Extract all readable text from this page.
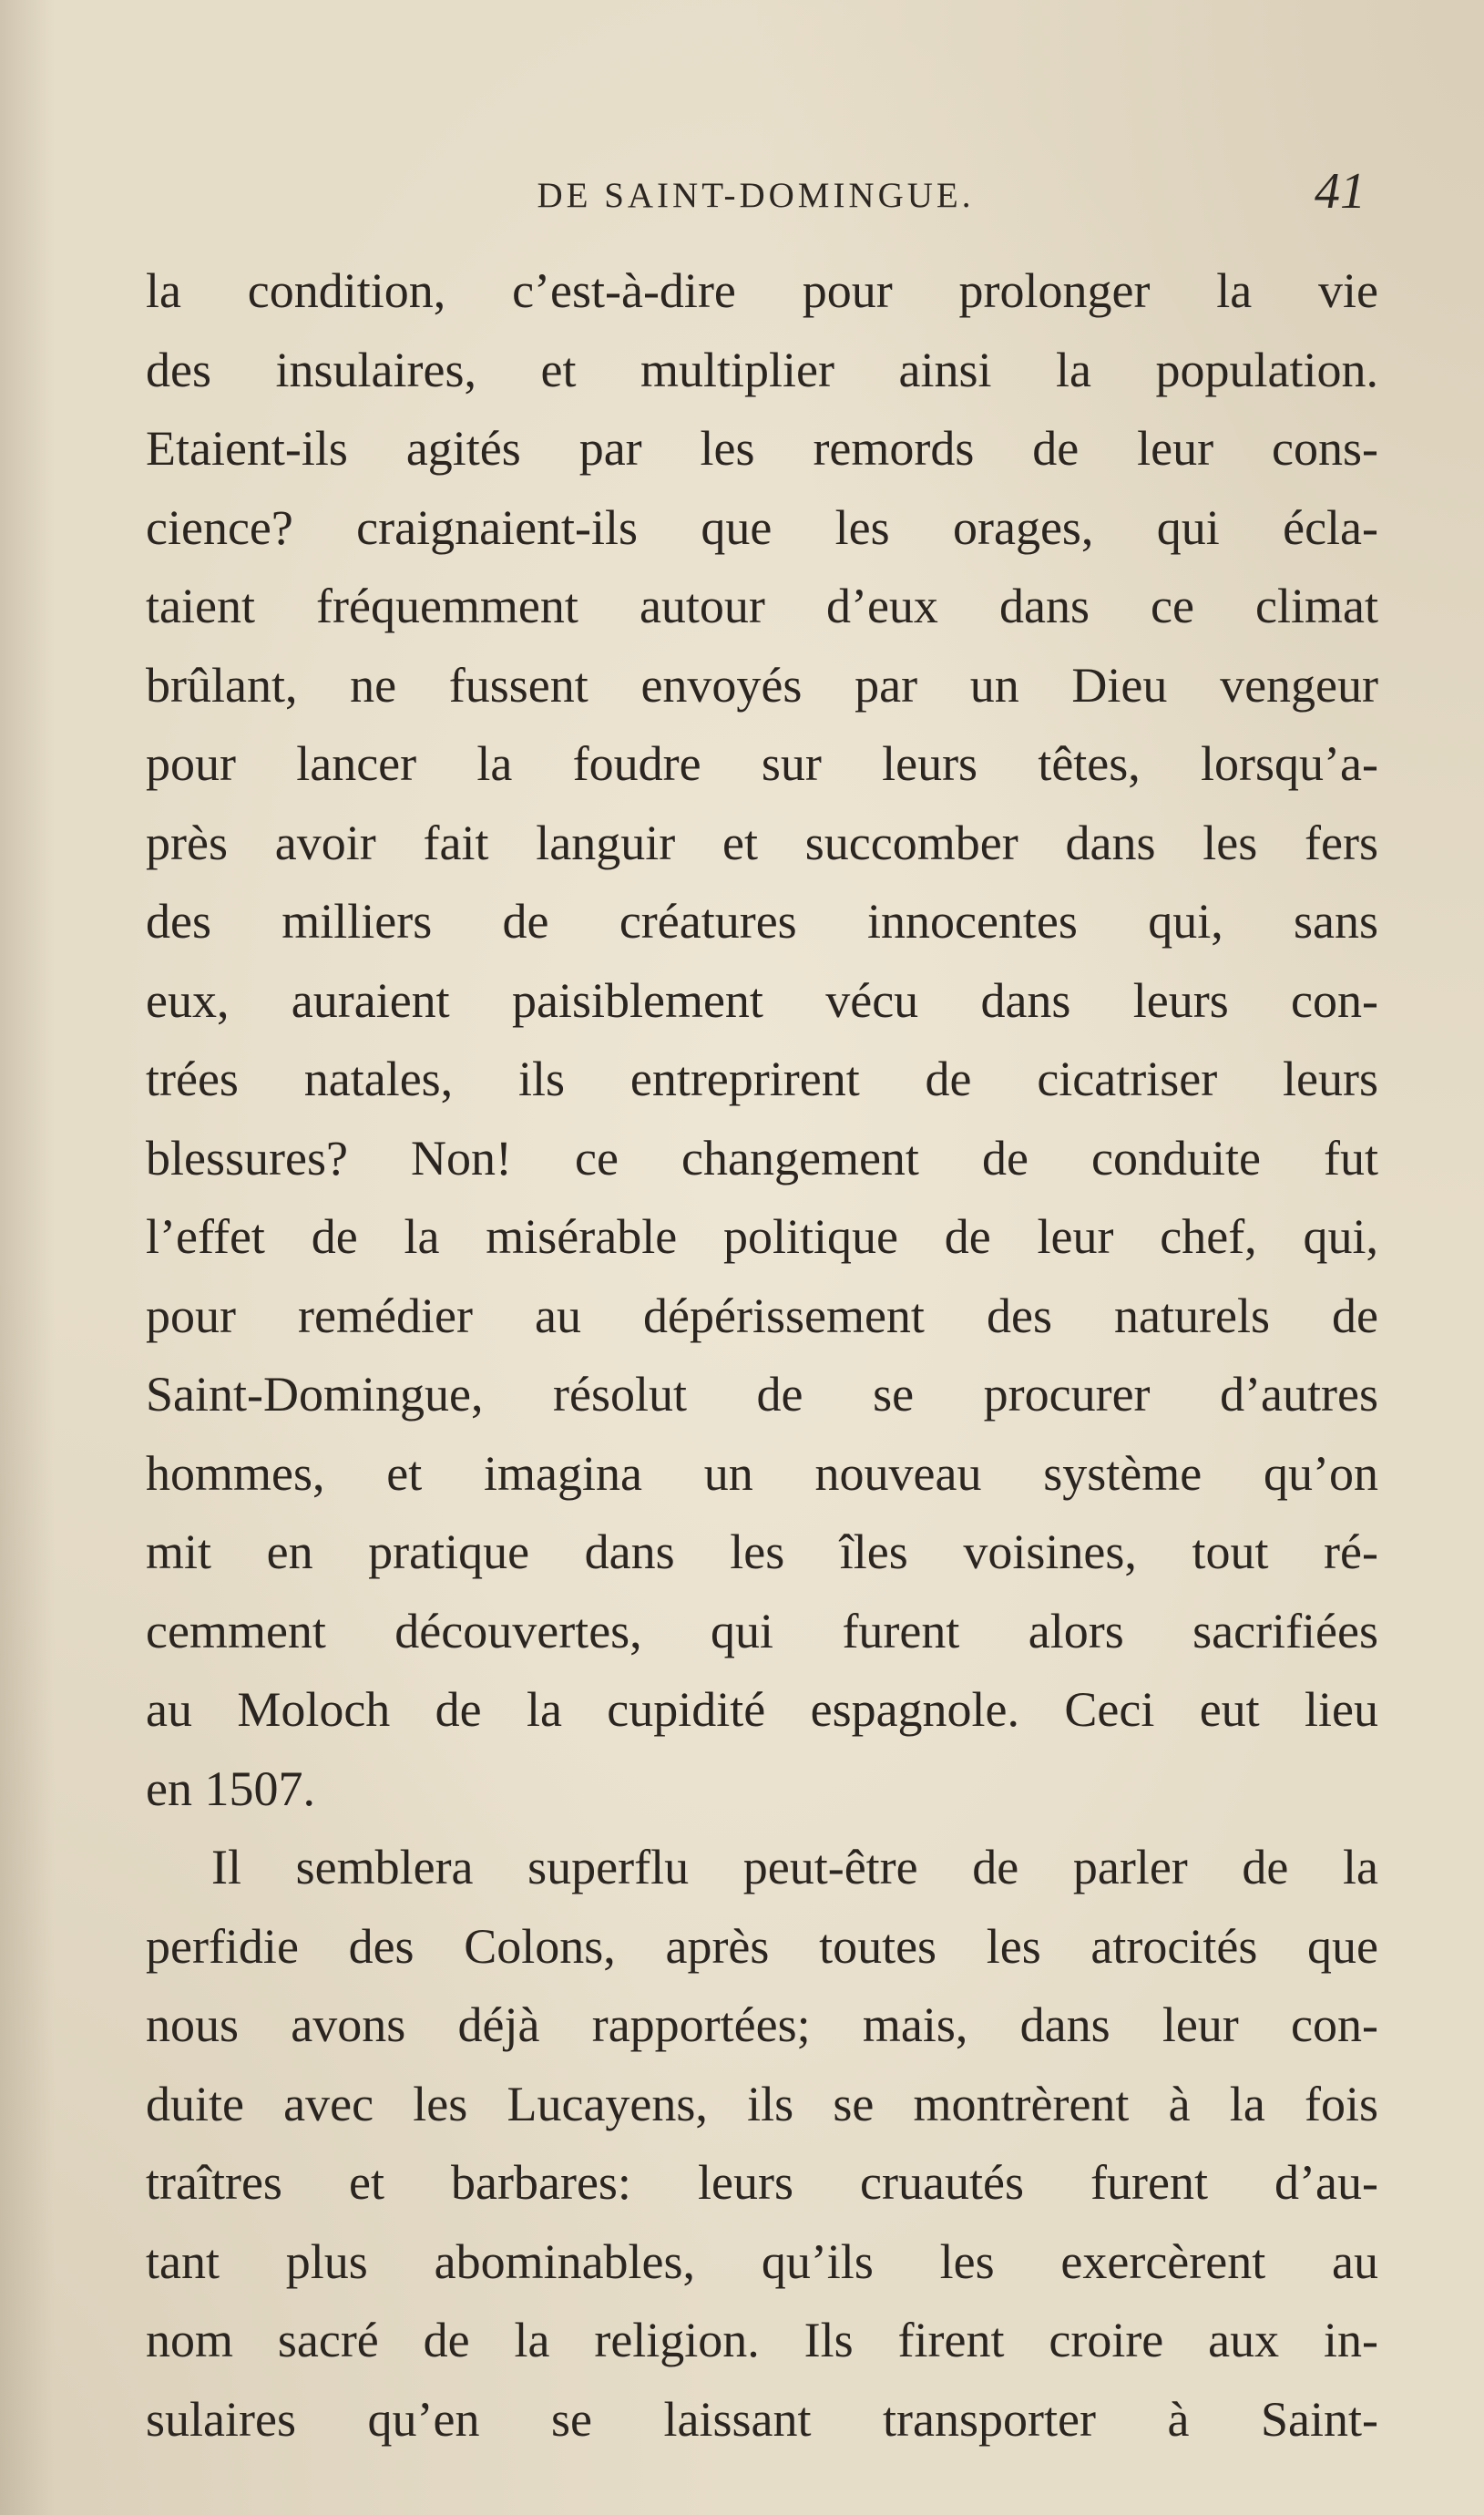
DE SAINT-DOMINGUE.	41
la condition, c’est-à-dire pour prolonger la vie
des insulaires, et multiplier ainsi la population.
Etaient-ils agités par les remords de leur cons-
cience? craignaient-ils que les orages, qui écla-
taient fréquemment autour d’eux dans ce climat
brûlant, ne fussent envoyés par un Dieu vengeur
pour lancer la foudre sur leurs têtes, lorsqu’a-
près avoir fait languir et succomber dans les fers
des milliers de créatures innocentes qui, sans
eux, auraient paisiblement vécu dans leurs con-
trées natales, ils entreprirent de cicatriser leurs
blessures? Non! ce changement de conduite fut
l’effet de la misérable politique de leur chef, qui,
pour remédier au dépérissement des naturels de
Saint-Domingue, résolut de se procurer d’autres
hommes, et imagina un nouveau système qu’on
mit en pratique dans les îles voisines, tout ré-
cemment découvertes, qui furent alors sacrifiées
au Moloch de la cupidité espagnole. Ceci eut lieu
en 1507.
Il semblera superflu peut-être de parler de la
perfidie des Colons, après toutes les atrocités que
nous avons déjà rapportées; mais, dans leur con-
duite avec les Lucayens, ils se montrèrent à la fois
traîtres et barbares: leurs cruautés furent d’au-
tant plus abominables, qu’ils les exercèrent au
nom sacré de la religion. Ils firent croire aux in-
sulaires qu’en se laissant transporter à Saint-
